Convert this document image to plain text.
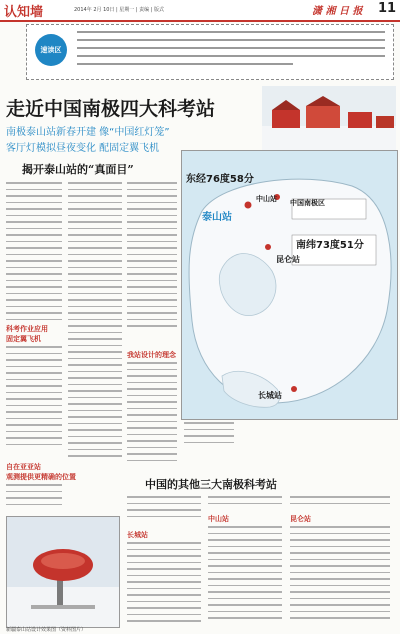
认知墙	2014年 2月 10日 | 星期一 | 责编 | 版式	潇 湘 日 报 11
速读区
走近中国南极四大科考站
南极泰山站新春开建 像“中国红灯笼”
客厅灯模拟昼夜变化 配固定翼飞机
揭开泰山站的“真面目”
科考作业应用
固定翼飞机
自在亚亚站
观测提供更精确的位置
我站设计的理念
东经76度58分
泰山站
中山站 中国南极区
南纬73度51分
昆仑站
长城站
中国的其他三大南极科考站
长城站
中山站	昆仑站
新疆泰山站设计效果图（资料图片）
